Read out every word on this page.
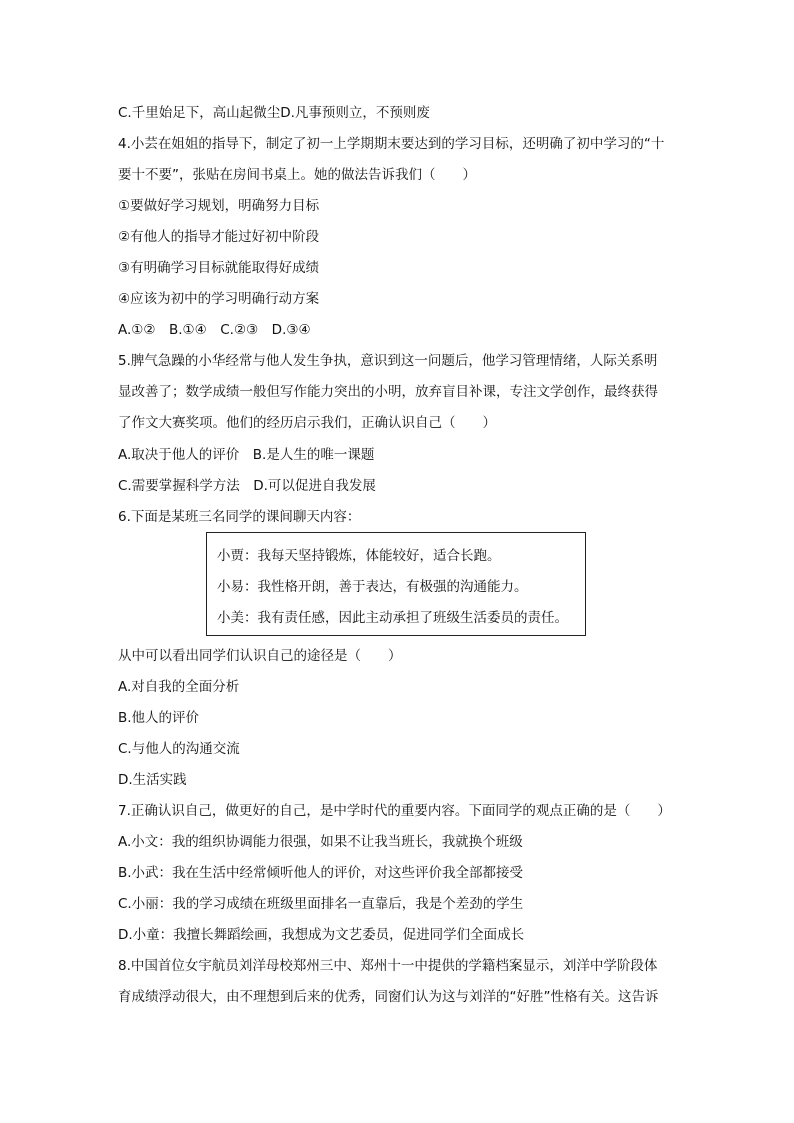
C.千里始足下，高山起微尘D.凡事预则立，不预则废
4.小芸在姐姐的指导下，制定了初一上学期期末要达到的学习目标，还明确了初中学习的“十
要十不要”，张贴在房间书桌上。她的做法告诉我们（　　）
①要做好学习规划，明确努力目标
②有他人的指导才能过好初中阶段
③有明确学习目标就能取得好成绩
④应该为初中的学习明确行动方案
A.①②　B.①④　C.②③　D.③④
5.脾气急躁的小华经常与他人发生争执，意识到这一问题后，他学习管理情绪，人际关系明
显改善了；数学成绩一般但写作能力突出的小明，放弃盲目补课，专注文学创作，最终获得
了作文大赛奖项。他们的经历启示我们，正确认识自己（　　）
A.取决于他人的评价　B.是人生的唯一课题
C.需要掌握科学方法　D.可以促进自我发展
6.下面是某班三名同学的课间聊天内容：
小贾：我每天坚持锻炼，体能较好，适合长跑。
小易：我性格开朗，善于表达，有极强的沟通能力。
小美：我有责任感，因此主动承担了班级生活委员的责任。
从中可以看出同学们认识自己的途径是（　　）
A.对自我的全面分析
B.他人的评价
C.与他人的沟通交流
D.生活实践
7.正确认识自己，做更好的自己，是中学时代的重要内容。下面同学的观点正确的是（　　）
A.小文：我的组织协调能力很强，如果不让我当班长，我就换个班级
B.小武：我在生活中经常倾听他人的评价，对这些评价我全部都接受
C.小丽：我的学习成绩在班级里面排名一直靠后，我是个差劲的学生
D.小童：我擅长舞蹈绘画，我想成为文艺委员，促进同学们全面成长
8.中国首位女宇航员刘洋母校郑州三中、郑州十一中提供的学籍档案显示，刘洋中学阶段体
育成绩浮动很大，由不理想到后来的优秀，同窗们认为这与刘洋的“好胜”性格有关。这告诉
